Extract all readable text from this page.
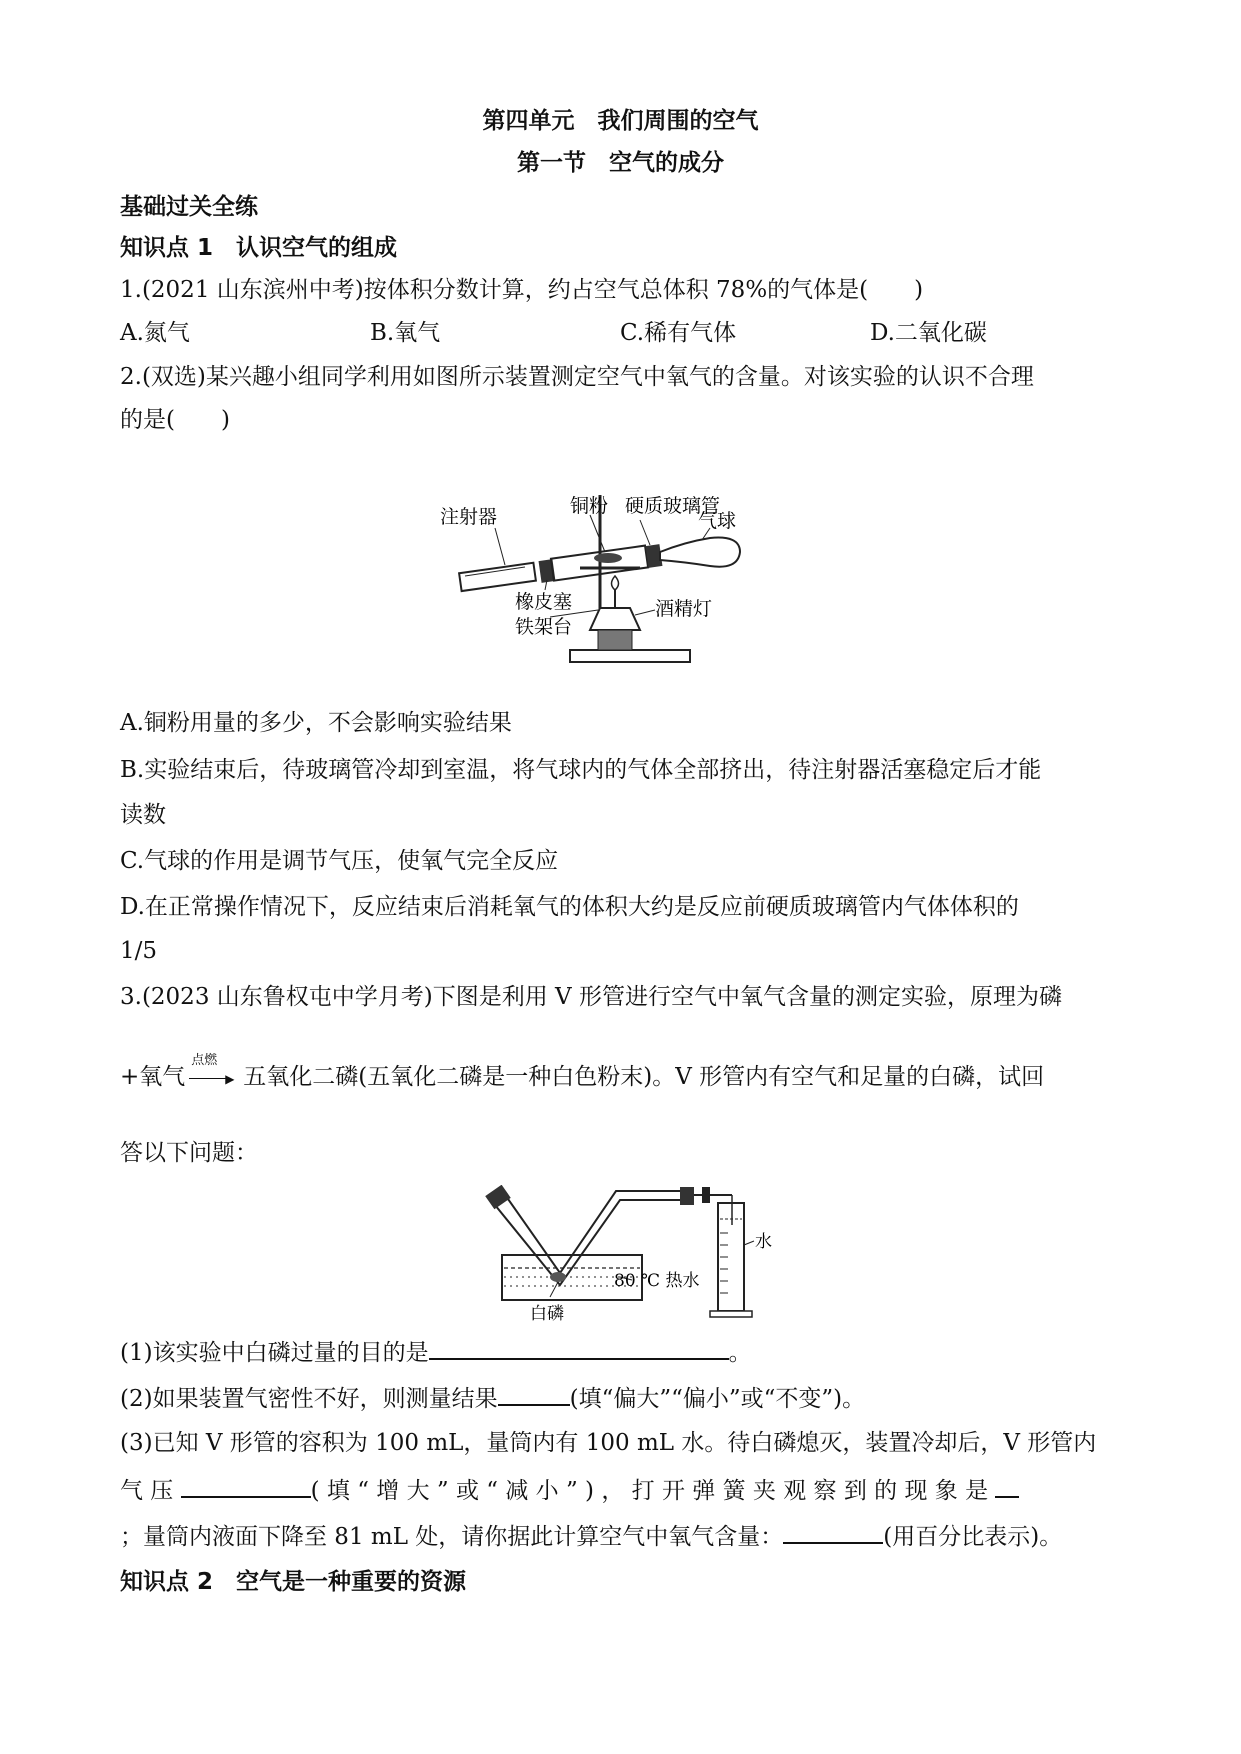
第四单元　我们周围的空气
第一节　空气的成分
基础过关全练
知识点 1　认识空气的组成
1.(2021 山东滨州中考)按体积分数计算，约占空气总体积 78%的气体是(　　)
A.氮气	B.氧气	C.稀有气体	D.二氧化碳
2.(双选)某兴趣小组同学利用如图所示装置测定空气中氧气的含量。对该实验的认识不合理
的是(　　)
注射器	铜粉 硬质玻璃管
气球
橡皮塞	酒精灯
铁架台
A.铜粉用量的多少，不会影响实验结果
B.实验结束后，待玻璃管冷却到室温，将气球内的气体全部挤出，待注射器活塞稳定后才能
读数
C.气球的作用是调节气压，使氧气完全反应
D.在正常操作情况下，反应结束后消耗氧气的体积大约是反应前硬质玻璃管内气体体积的
1/5
3.(2023 山东鲁权屯中学月考)下图是利用 V 形管进行空气中氧气含量的测定实验，原理为磷
+氧气
点燃
▶ 五氧化二磷(五氧化二磷是一种白色粉末)。V 形管内有空气和足量的白磷，试回
答以下问题：
80 ℃ 热水
水
白磷
(1)该实验中白磷过量的目的是	。
(2)如果装置气密性不好，则测量结果	(填“偏大”“偏小”或“不变”)。
(3)已知 V 形管的容积为 100 mL，量筒内有 100 mL 水。待白磷熄灭，装置冷却后，V 形管内
气 压	( 填 “ 增 大 ” 或 “ 减 小 ” ) ， 打 开 弹 簧 夹 观 察 到 的 现 象 是
；量筒内液面下降至 81 mL 处，请你据此计算空气中氧气含量：	(用百分比表示)。
知识点 2　空气是一种重要的资源
